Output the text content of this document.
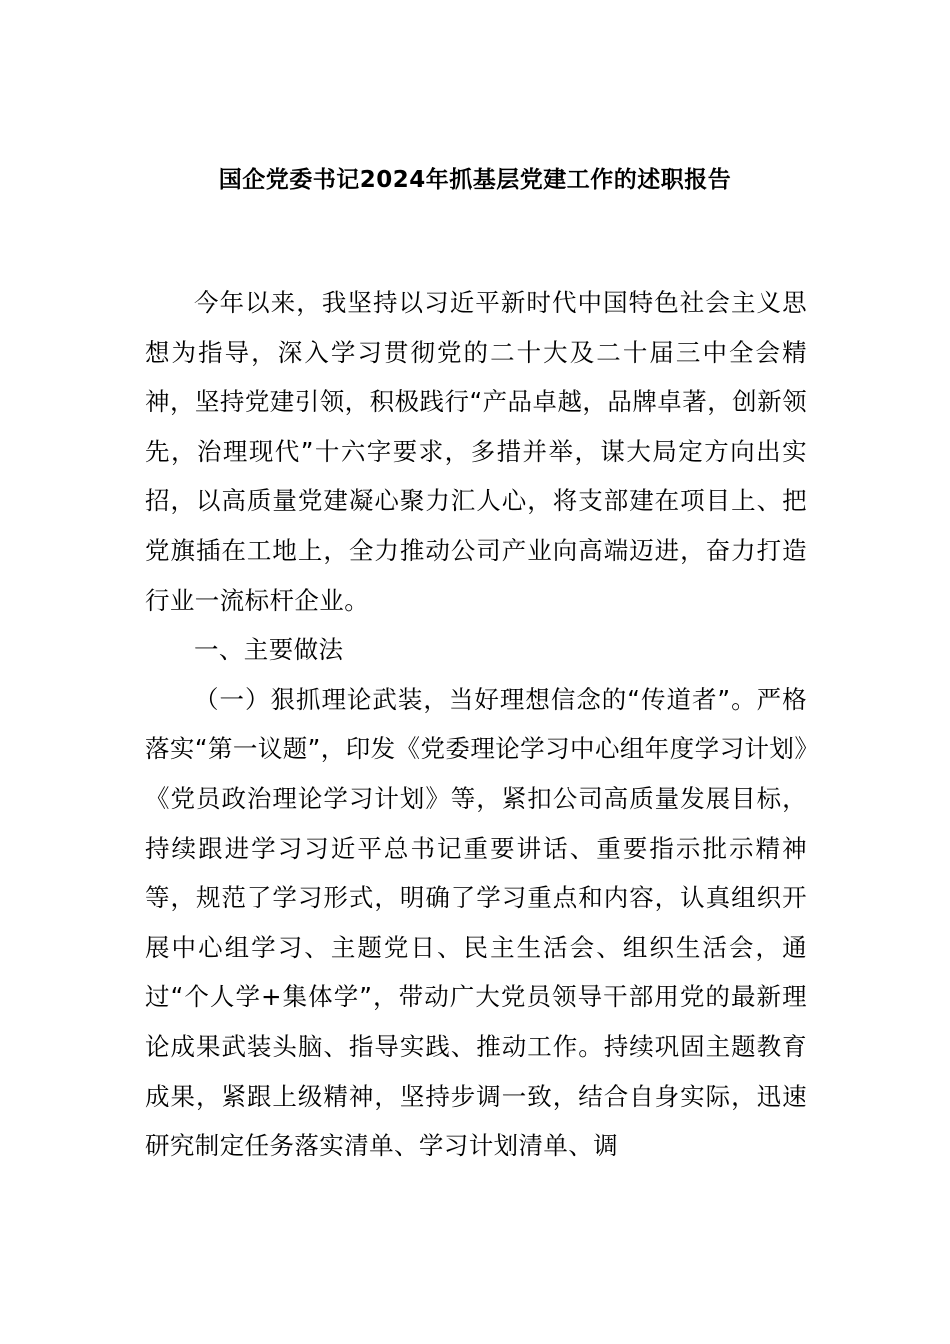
国企党委书记2024年抓基层党建工作的述职报告

今年以来，我坚持以习近平新时代中国特色社会主义思想为指导，深入学习贯彻党的二十大及二十届三中全会精神，坚持党建引领，积极践行“产品卓越，品牌卓著，创新领先，治理现代”十六字要求，多措并举，谋大局定方向出实招，以高质量党建凝心聚力汇人心，将支部建在项目上、把党旗插在工地上，全力推动公司产业向高端迈进，奋力打造行业一流标杆企业。

一、主要做法

（一）狠抓理论武装，当好理想信念的“传道者”。严格落实“第一议题”，印发《党委理论学习中心组年度学习计划》《党员政治理论学习计划》等，紧扣公司高质量发展目标，持续跟进学习习近平总书记重要讲话、重要指示批示精神等，规范了学习形式，明确了学习重点和内容，认真组织开展中心组学习、主题党日、民主生活会、组织生活会，通过“个人学+集体学”，带动广大党员领导干部用党的最新理论成果武装头脑、指导实践、推动工作。持续巩固主题教育成果，紧跟上级精神，坚持步调一致，结合自身实际，迅速研究制定任务落实清单、学习计划清单、调
